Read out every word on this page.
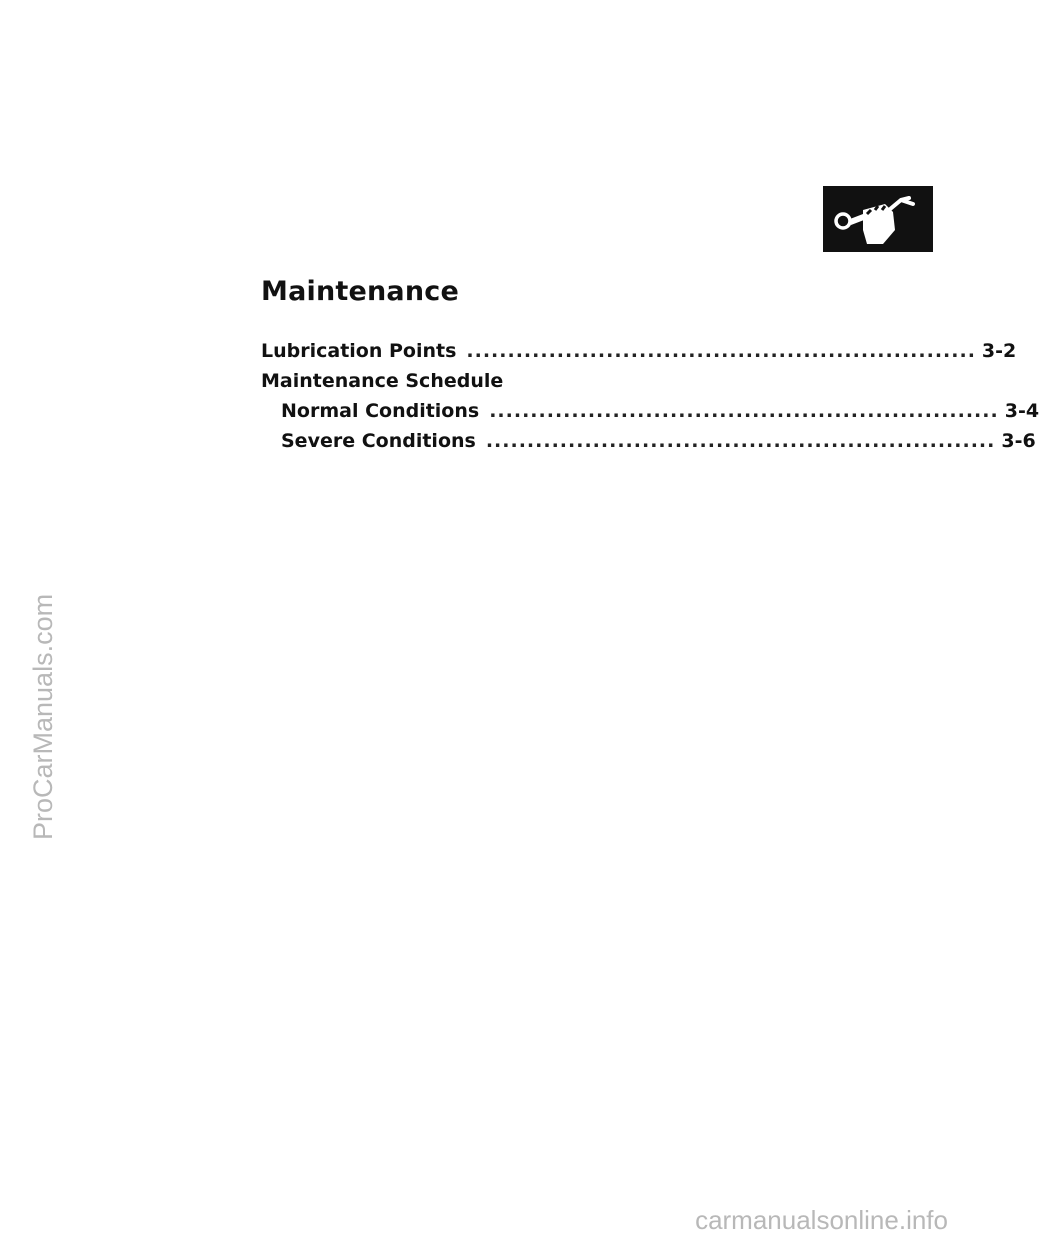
ProCarManuals.com
Maintenance
Lubrication Points .............................................................. 3-2
Maintenance Schedule
Normal Conditions .............................................................. 3-4
Severe Conditions .............................................................. 3-6
carmanualsonline.info
